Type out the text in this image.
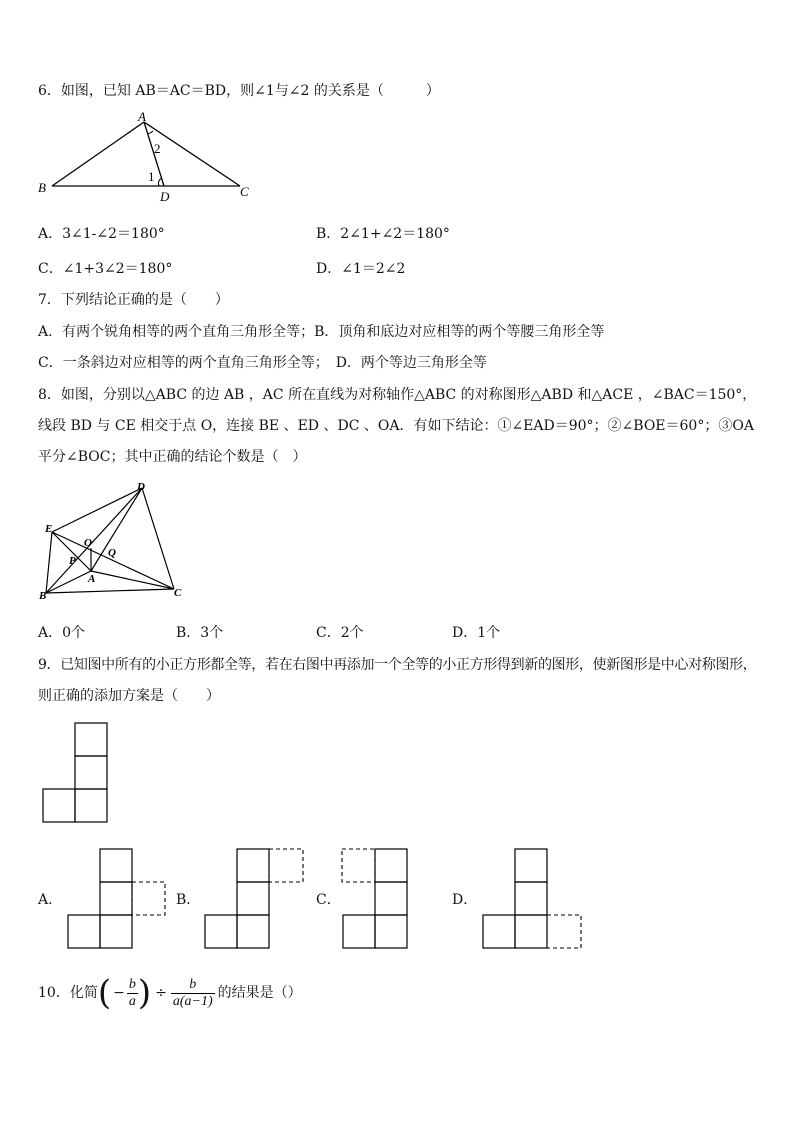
6．如图，已知 AB＝AC＝BD，则∠1与∠2 的关系是（　　　）
A
B	C
D
1
2
A．3∠1-∠2＝180°	B．2∠1+∠2＝180°
C．∠1+3∠2＝180°	D．∠1＝2∠2
7．下列结论正确的是（　　）
A．有两个锐角相等的两个直角三角形全等；B．顶角和底边对应相等的两个等腰三角形全等
C．一条斜边对应相等的两个直角三角形全等；　D．两个等边三角形全等
8．如图，分别以△ABC 的边 AB ，AC 所在直线为对称轴作△ABC 的对称图形△ABD 和△ACE ，∠BAC＝150°，
线段 BD 与 CE 相交于点 O，连接 BE 、ED 、DC 、OA．有如下结论：①∠EAD＝90°；②∠BOE＝60°；③OA
平分∠BOC；其中正确的结论个数是（　）
E
D
B	C
A
O
P
Q
A．0个	B．3个	C．2个	D．1个
9．已知图中所有的小正方形都全等，若在右图中再添加一个全等的小正方形得到新的图形，使新图形是中心对称图形，
则正确的添加方案是（　　）
A．	B．	C．	D．
10．化简 ( − $\frac{b}{a}$ ) ÷ $\frac{b}{a(a-1)}$ 的结果是（）
